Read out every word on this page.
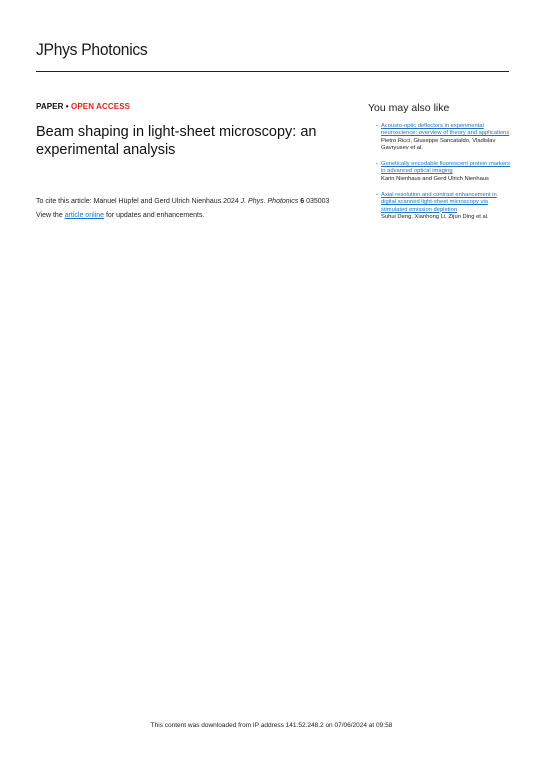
JPhys Photonics
PAPER • OPEN ACCESS
Beam shaping in light-sheet microscopy: an experimental analysis
To cite this article: Manuel Hüpfel and Gerd Ulrich Nienhaus 2024 J. Phys. Photonics 6 035003
View the article online for updates and enhancements.
You may also like
- Acousto-optic deflectors in experimental neuroscience: overview of theory and applications
Pietro Ricci, Giuseppe Sancataldo, Vladislav Gavryusev et al.
- Genetically encodable fluorescent protein markers in advanced optical imaging
Karin Nienhaus and Gerd Ulrich Nienhaus
- Axial resolution and contrast enhancement in digital scanned light-sheet microscopy via stimulated emission depletion
Suhui Deng, Xianhong Li, Zijun Ding et al.
This content was downloaded from IP address 141.52.248.2 on 07/06/2024 at 09:58
